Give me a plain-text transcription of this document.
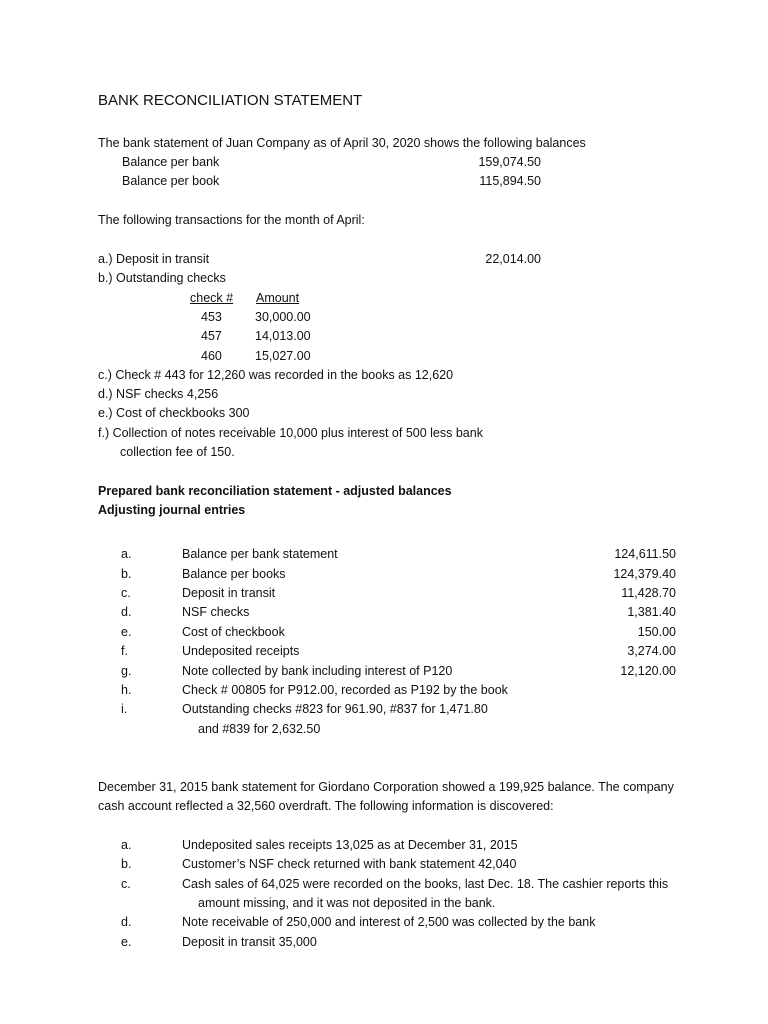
BANK RECONCILIATION STATEMENT
The bank statement of Juan Company as of April 30, 2020 shows the following balances
Balance per bank	159,074.50
Balance per book	115,894.50
The following transactions for the month of April:
a.) Deposit in transit	22,014.00
b.) Outstanding checks
check # Amount
453	30,000.00
457	14,013.00
460	15,027.00
c.) Check # 443 for 12,260 was recorded in the books as 12,620
d.) NSF checks 4,256
e.) Cost of checkbooks 300
f.) Collection of notes receivable 10,000 plus interest of 500 less bank
collection fee of 150.
Prepared bank reconciliation statement - adjusted balances
Adjusting journal entries
a.	Balance per bank statement	124,611.50
b.	Balance per books	124,379.40
c.	Deposit in transit	11,428.70
d.	NSF checks	1,381.40
e.	Cost of checkbook	150.00
f.	Undeposited receipts	3,274.00
g.	Note collected by bank including interest of P120	12,120.00
h.	Check # 00805 for P912.00, recorded as P192 by the book
i.	Outstanding checks #823 for 961.90, #837 for 1,471.80
and #839 for 2,632.50
December 31, 2015 bank statement for Giordano Corporation showed a 199,925 balance. The company
cash account reflected a 32,560 overdraft. The following information is discovered:
a.	Undeposited sales receipts 13,025 as at December 31, 2015
b.	Customer’s NSF check returned with bank statement 42,040
c.	Cash sales of 64,025 were recorded on the books, last Dec. 18. The cashier reports this
amount missing, and it was not deposited in the bank.
d.	Note receivable of 250,000 and interest of 2,500 was collected by the bank
e.	Deposit in transit 35,000
